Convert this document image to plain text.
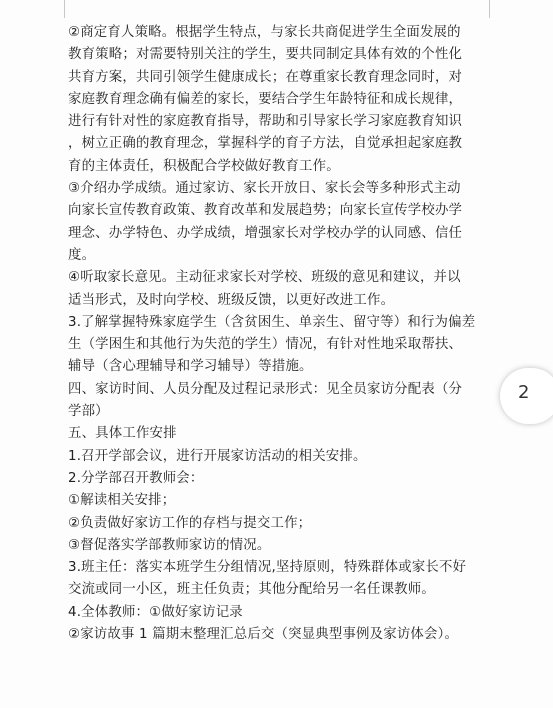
②商定育人策略。根据学生特点，与家长共商促进学生全面发展的
教育策略；对需要特别关注的学生，要共同制定具体有效的个性化
共育方案，共同引领学生健康成长；在尊重家长教育理念同时，对
家庭教育理念确有偏差的家长，要结合学生年龄特征和成长规律，
进行有针对性的家庭教育指导，帮助和引导家长学习家庭教育知识
，树立正确的教育理念，掌握科学的育子方法，自觉承担起家庭教
育的主体责任，积极配合学校做好教育工作。
③介绍办学成绩。通过家访、家长开放日、家长会等多种形式主动
向家长宣传教育政策、教育改革和发展趋势；向家长宣传学校办学
理念、办学特色、办学成绩，增强家长对学校办学的认同感、信任
度。
④听取家长意见。主动征求家长对学校、班级的意见和建议，并以
适当形式，及时向学校、班级反馈，以更好改进工作。
3.了解掌握特殊家庭学生（含贫困生、单亲生、留守等）和行为偏差
生（学困生和其他行为失范的学生）情况，有针对性地采取帮扶、
辅导（含心理辅导和学习辅导）等措施。
四、家访时间、人员分配及过程记录形式：见全员家访分配表（分
学部）
五、具体工作安排
1.召开学部会议，进行开展家访活动的相关安排。
2.分学部召开教师会：
①解读相关安排；
②负责做好家访工作的存档与提交工作；
③督促落实学部教师家访的情况。
3.班主任：落实本班学生分组情况,坚持原则，特殊群体或家长不好
交流或同一小区，班主任负责；其他分配给另一名任课教师。
4.全体教师：①做好家访记录
②家访故事 1 篇期末整理汇总后交（突显典型事例及家访体会）。
2
